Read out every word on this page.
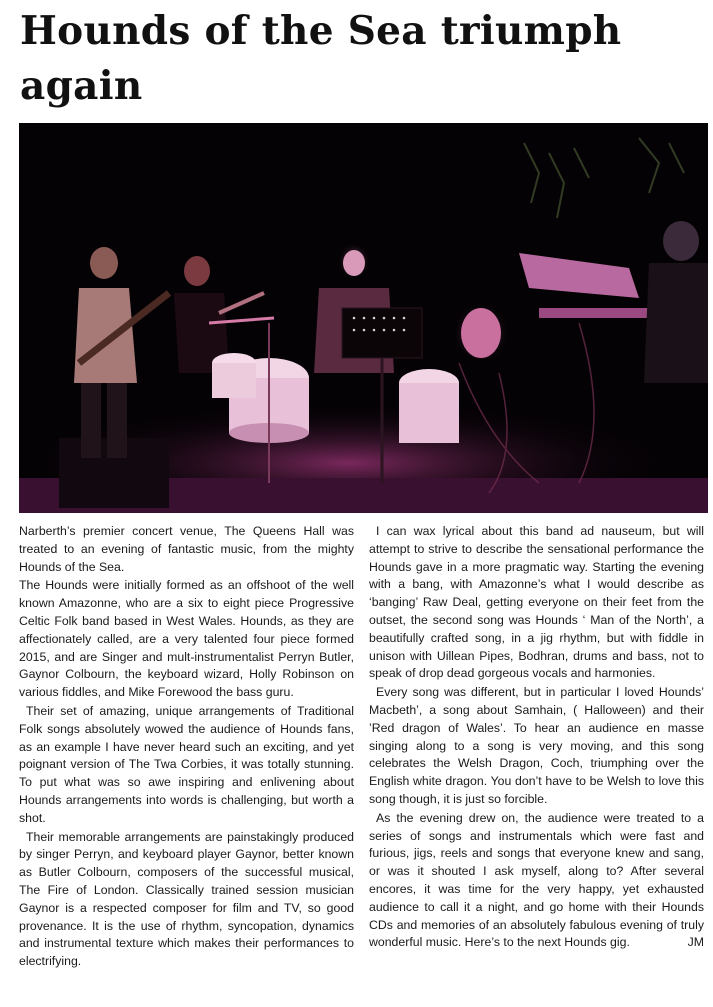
Hounds of the Sea triumph again

Narberth’s premier concert venue, The Queens Hall was treated to an evening of fantastic music, from the mighty Hounds of the Sea.

The Hounds were initially formed as an offshoot of the well known Amazonne, who are a six to eight piece Progressive Celtic Folk band based in West Wales. Hounds, as they are affectionately called, are a very talented four piece formed 2015, and are Singer and mult-instrumentalist Perryn Butler, Gaynor Colbourn, the keyboard wizard, Holly Robinson on various fiddles, and Mike Forewood the bass guru.

Their set of amazing, unique arrangements of Traditional Folk songs absolutely wowed the audience of Hounds fans, as an example I have never heard such an exciting, and yet poignant version of The Twa Corbies, it was totally stunning. To put what was so awe inspiring and enlivening about Hounds arrangements into words is challenging, but worth a shot.

Their memorable arrangements are painstakingly produced by singer Perryn, and keyboard player Gaynor, better known as Butler Colbourn, composers of the successful musical, The Fire of London. Classically trained session musician Gaynor is a respected composer for film and TV, so good provenance. It is the use of rhythm, syncopation, dynamics and instrumental texture which makes their performances to electrifying.

I can wax lyrical about this band ad nauseum, but will attempt to strive to describe the sensational performance the Hounds gave in a more pragmatic way. Starting the evening with a bang, with Amazonne’s what I would describe as ‘banging’ Raw Deal, getting everyone on their feet from the outset, the second song was Hounds ‘ Man of the North’, a beautifully crafted song, in a jig rhythm, but with fiddle in unison with Uillean Pipes, Bodhran, drums and bass, not to speak of drop dead gorgeous vocals and harmonies.

Every song was different, but in particular I loved Hounds’ Macbeth’, a song about Samhain, ( Halloween) and their ’Red dragon of Wales’. To hear an audience en masse singing along to a song is very moving, and this song celebrates the Welsh Dragon, Coch, triumphing over the English white dragon. You don’t have to be Welsh to love this song though, it is just so forcible.

As the evening drew on, the audience were treated to a series of songs and instrumentals which were fast and furious, jigs, reels and songs that everyone knew and sang, or was it shouted I ask myself, along to? After several encores, it was time for the very happy, yet exhausted audience to call it a night, and go home with their Hounds CDs and memories of an absolutely fabulous evening of truly wonderful music. Here’s to the next Hounds gig.	JM
